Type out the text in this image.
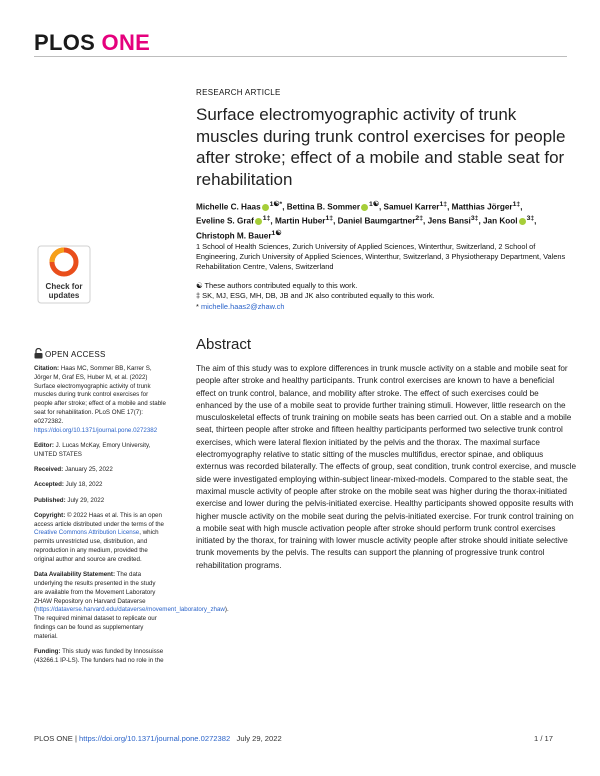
PLOS ONE
RESEARCH ARTICLE
Surface electromyographic activity of trunk muscles during trunk control exercises for people after stroke; effect of a mobile and stable seat for rehabilitation
Michelle C. Haas $^{1☯*}$, Bettina B. Sommer $^{1☯}$, Samuel Karrer$^{1\ddagger}$, Matthias Jörger$^{1\ddagger}$,
Eveline S. Graf $^{1\ddagger}$, Martin Huber$^{1\ddagger}$, Daniel Baumgartner$^{2\ddagger}$, Jens Bansi$^{3\ddagger}$, Jan Kool $^{3\ddagger}$,
Christoph M. Bauer$^{1☯}$
1 School of Health Sciences, Zurich University of Applied Sciences, Winterthur, Switzerland, 2 School of Engineering, Zurich University of Applied Sciences, Winterthur, Switzerland, 3 Physiotherapy Department, Valens Rehabilitation Centre, Valens, Switzerland
☯ These authors contributed equally to this work.
‡ SK, MJ, ESG, MH, DB, JB and JK also contributed equally to this work.
* michelle.haas2@zhaw.ch
Check for
updates
OPEN ACCESS

Citation: Haas MC, Sommer BB, Karrer S, Jörger M, Graf ES, Huber M, et al. (2022) Surface electromyographic activity of trunk muscles during trunk control exercises for people after stroke; effect of a mobile and stable seat for rehabilitation. PLoS ONE 17(7): e0272382. https://doi.org/10.1371/journal.pone.0272382

Editor: J. Lucas McKay, Emory University, UNITED STATES

Received: January 25, 2022

Accepted: July 18, 2022

Published: July 29, 2022

Copyright: © 2022 Haas et al. This is an open access article distributed under the terms of the Creative Commons Attribution License, which permits unrestricted use, distribution, and reproduction in any medium, provided the original author and source are credited.

Data Availability Statement: The data underlying the results presented in the study are available from the Movement Laboratory ZHAW Repository on Harvard Dataverse (https://dataverse.harvard.edu/dataverse/movement_laboratory_zhaw). The required minimal dataset to replicate our findings can be found as supplementary material.

Funding: This study was funded by Innosuisse (43266.1 IP-LS). The funders had no role in the

Abstract
The aim of this study was to explore differences in trunk muscle activity on a stable and mobile seat for people after stroke and healthy participants. Trunk control exercises are known to have a beneficial effect on trunk control, balance, and mobility after stroke. The effect of such exercises could be enhanced by the use of a mobile seat to provide further training stimuli. However, little research on the musculoskeletal effects of trunk training on mobile seats has been carried out. On a stable and a mobile seat, thirteen people after stroke and fifteen healthy participants performed two selective trunk control exercises, which were lateral flexion initiated by the pelvis and the thorax. The maximal surface electromyography relative to static sitting of the muscles multifidus, erector spinae, and obliquus externus was recorded bilaterally. The effects of group, seat condition, trunk control exercise, and muscle side were investigated employing within-subject linear-mixed-models. Compared to the stable seat, the maximal muscle activity of people after stroke on the mobile seat was higher during the thorax-initiated exercise and lower during the pelvis-initiated exercise. Healthy participants showed opposite results with higher muscle activity on the mobile seat during the pelvis-initiated exercise. For trunk control training on a mobile seat with high muscle activation people after stroke should perform trunk control exercises initiated by the thorax, for training with lower muscle activity people after stroke should initiate selective trunk movements by the pelvis. The results can support the planning of progressive trunk control rehabilitation programs.
PLOS ONE | https://doi.org/10.1371/journal.pone.0272382 July 29, 2022	1 / 17
